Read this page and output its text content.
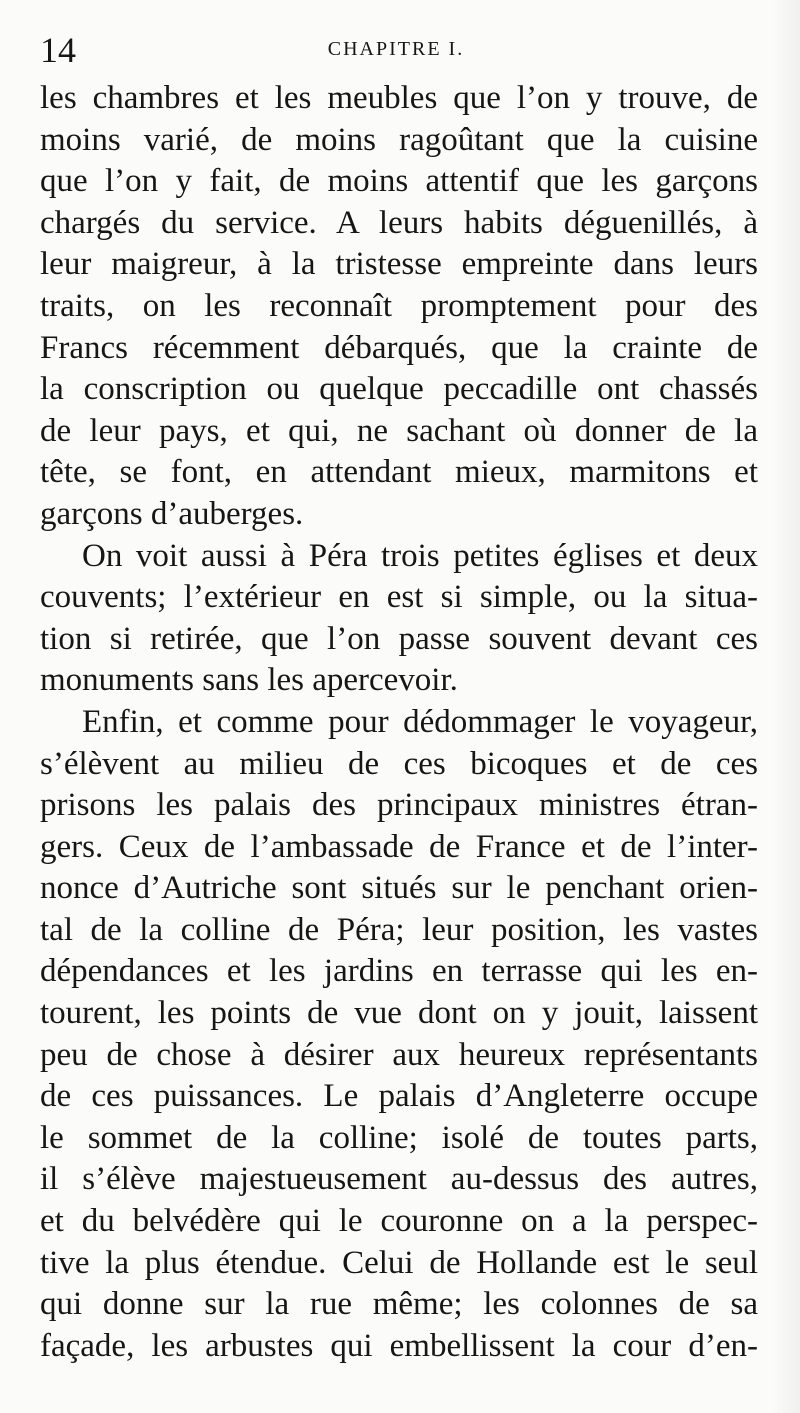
14	CHAPITRE I.
les chambres et les meubles que l’on y trouve, de
moins varié, de moins ragoûtant que la cuisine
que l’on y fait, de moins attentif que les garçons
chargés du service. A leurs habits déguenillés, à
leur maigreur, à la tristesse empreinte dans leurs
traits, on les reconnaît promptement pour des
Francs récemment débarqués, que la crainte de
la conscription ou quelque peccadille ont chassés
de leur pays, et qui, ne sachant où donner de la
tête, se font, en attendant mieux, marmitons et
garçons d’auberges.
On voit aussi à Péra trois petites églises et deux
couvents; l’extérieur en est si simple, ou la situa-
tion si retirée, que l’on passe souvent devant ces
monuments sans les apercevoir.
Enfin, et comme pour dédommager le voyageur,
s’élèvent au milieu de ces bicoques et de ces
prisons les palais des principaux ministres étran-
gers. Ceux de l’ambassade de France et de l’inter-
nonce d’Autriche sont situés sur le penchant orien-
tal de la colline de Péra; leur position, les vastes
dépendances et les jardins en terrasse qui les en-
tourent, les points de vue dont on y jouit, laissent
peu de chose à désirer aux heureux représentants
de ces puissances. Le palais d’Angleterre occupe
le sommet de la colline; isolé de toutes parts,
il s’élève majestueusement au-dessus des autres,
et du belvédère qui le couronne on a la perspec-
tive la plus étendue. Celui de Hollande est le seul
qui donne sur la rue même; les colonnes de sa
façade, les arbustes qui embellissent la cour d’en-
